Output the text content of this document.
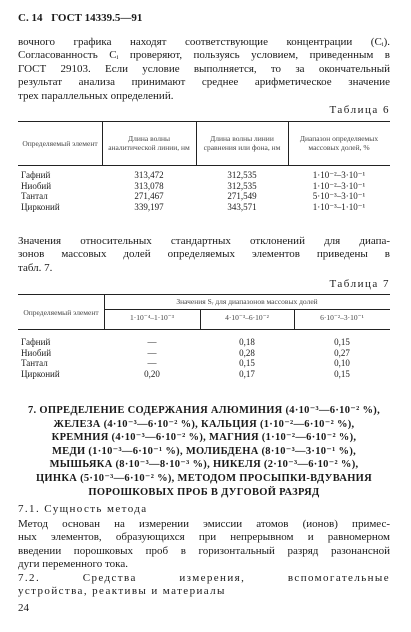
С. 14 ГОСТ 14339.5—91
вочного графика находят соответствующие концентрации (Cᵢ).
Согласованность Cᵢ проверяют, пользуясь условием, приведенным в
ГОСТ 29103. Если условие выполняется, то за окончательный
результат анализа принимают среднее арифметическое значение
трех параллельных определений.
Таблица 6
Определяемый элемент	Длина волны аналитической линии, нм	Длина волны линии сравнения или фона, нм	Диапазон определяемых массовых долей, %

Гафний	313,472	312,535	1·10⁻²–3·10⁻¹
Ниобий	313,078	312,535	1·10⁻²–3·10⁻¹
Тантал	271,467	271,549	5·10⁻³–3·10⁻¹
Цирконий	339,197	343,571	1·10⁻³–1·10⁻¹
Значения относительных стандартных отклонений для диапа-
зонов массовых долей определяемых элементов приведены в
табл. 7.
Таблица 7
Определяемый элемент
Значения Sᵣ для диапазонов массовых долей
1·10⁻⁴–1·10⁻³	4·10⁻³–6·10⁻²	6·10⁻²–3·10⁻¹
Гафний	—	0,18	0,15
Ниобий	—	0,28	0,27
Тантал	—	0,15	0,10
Цирконий	0,20	0,17	0,15
7. ОПРЕДЕЛЕНИЕ СОДЕРЖАНИЯ АЛЮМИНИЯ (4·10⁻³—6·10⁻² %),
ЖЕЛЕЗА (4·10⁻³—6·10⁻² %), КАЛЬЦИЯ (1·10⁻²—6·10⁻² %),
КРЕМНИЯ (4·10⁻³—6·10⁻² %), МАГНИЯ (1·10⁻²—6·10⁻² %),
МЕДИ (1·10⁻³—6·10⁻¹ %), МОЛИБДЕНА (8·10⁻³—3·10⁻¹ %),
МЫШЬЯКА (8·10⁻³—8·10⁻³ %), НИКЕЛЯ (2·10⁻³—6·10⁻² %),
ЦИНКА (5·10⁻³—6·10⁻² %), МЕТОДОМ ПРОСЫПКИ-ВДУВАНИЯ
ПОРОШКОВЫХ ПРОБ В ДУГОВОЙ РАЗРЯД
7.1. Сущность метода
Метод основан на измерении эмиссии атомов (ионов) примес-
ных элементов, образующихся при непрерывном и равномерном
введении порошковых проб в горизонтальный разряд разонансной
дуги переменного тока.
7.2. Средства измерения, вспомогательные
устройства, реактивы и материалы
24
